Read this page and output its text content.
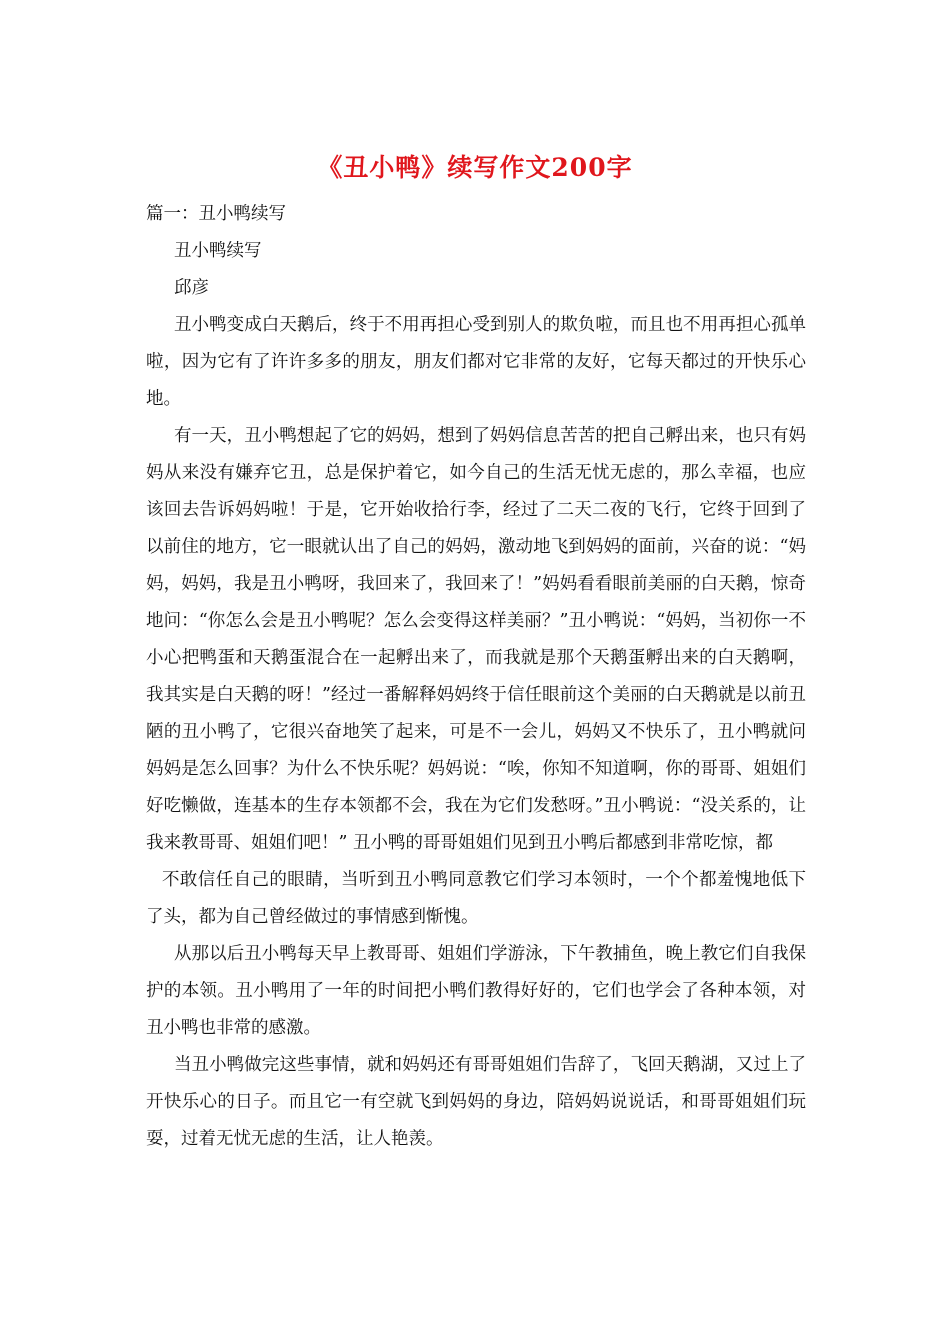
《丑小鸭》续写作文200字

篇一：丑小鸭续写

丑小鸭续写

邱彦

丑小鸭变成白天鹅后，终于不用再担心受到别人的欺负啦，而且也不用再担心孤单啦，因为它有了许许多多的朋友，朋友们都对它非常的友好，它每天都过的开快乐心地。

有一天，丑小鸭想起了它的妈妈，想到了妈妈信息苦苦的把自己孵出来，也只有妈妈从来没有嫌弃它丑，总是保护着它，如今自己的生活无忧无虑的，那么幸福，也应该回去告诉妈妈啦！于是，它开始收拾行李，经过了二天二夜的飞行，它终于回到了以前住的地方，它一眼就认出了自己的妈妈，激动地飞到妈妈的面前，兴奋的说：“妈妈，妈妈，我是丑小鸭呀，我回来了，我回来了！”妈妈看看眼前美丽的白天鹅，惊奇地问：“你怎么会是丑小鸭呢？怎么会变得这样美丽？”丑小鸭说：“妈妈，当初你一不小心把鸭蛋和天鹅蛋混合在一起孵出来了，而我就是那个天鹅蛋孵出来的白天鹅啊，我其实是白天鹅的呀！”经过一番解释妈妈终于信任眼前这个美丽的白天鹅就是以前丑陋的丑小鸭了，它很兴奋地笑了起来，可是不一会儿，妈妈又不快乐了，丑小鸭就问妈妈是怎么回事？为什么不快乐呢？妈妈说：“唉，你知不知道啊，你的哥哥、姐姐们好吃懒做，连基本的生存本领都不会，我在为它们发愁呀。”丑小鸭说：“没关系的，让我来教哥哥、姐姐们吧！” 丑小鸭的哥哥姐姐们见到丑小鸭后都感到非常吃惊，都

不敢信任自己的眼睛，当听到丑小鸭同意教它们学习本领时，一个个都羞愧地低下了头，都为自己曾经做过的事情感到惭愧。

从那以后丑小鸭每天早上教哥哥、姐姐们学游泳，下午教捕鱼，晚上教它们自我保护的本领。丑小鸭用了一年的时间把小鸭们教得好好的，它们也学会了各种本领，对丑小鸭也非常的感激。

当丑小鸭做完这些事情，就和妈妈还有哥哥姐姐们告辞了，飞回天鹅湖，又过上了开快乐心的日子。而且它一有空就飞到妈妈的身边，陪妈妈说说话，和哥哥姐姐们玩耍，过着无忧无虑的生活，让人艳羡。
